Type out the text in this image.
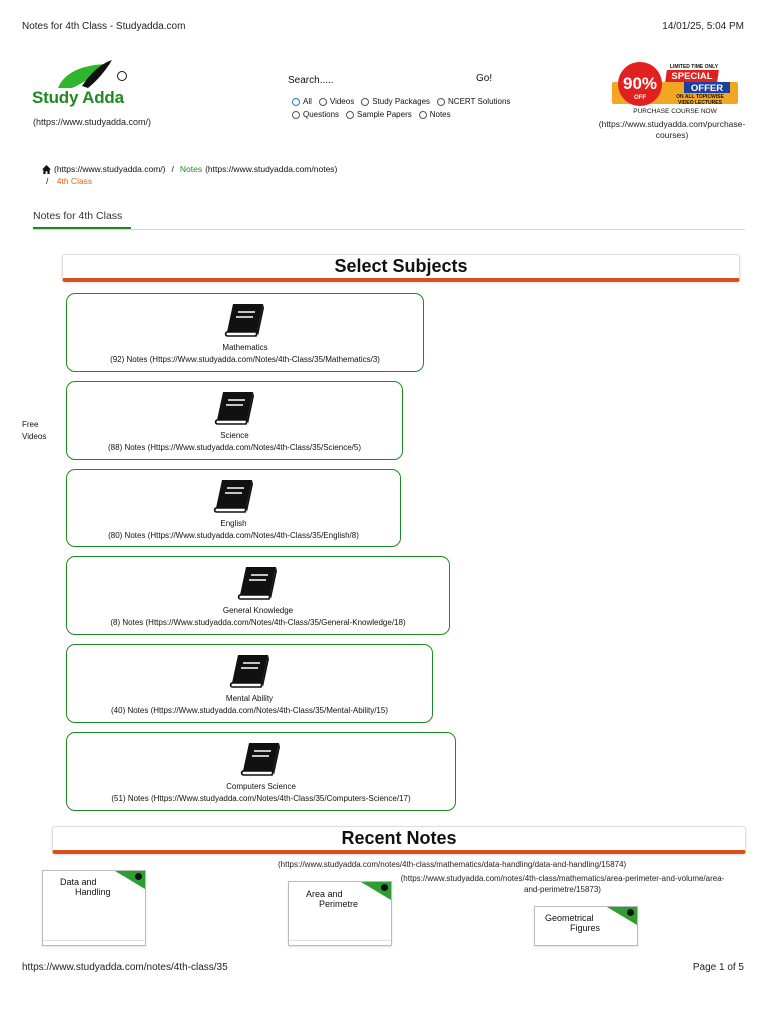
Notes for 4th Class - Studyadda.com	14/01/25, 5:04 PM
Study Adda
(https://www.studyadda.com/)
Search.....	Go!
All Videos Study Packages NCERT Solutions
Questions Sample Papers Notes
90%
OFF
LIMITED TIME ONLY
SPECIAL
OFFER
ON ALL TOPICWISE
VIDEO LECTURES
PURCHASE COURSE NOW
(https://www.studyadda.com/purchase-courses)
(https://www.studyadda.com/) / Notes (https://www.studyadda.com/notes)
/ 4th Class
Notes for 4th Class
Select Subjects
Free
Videos
Mathematics
(92) Notes (Https://Www.studyadda.com/Notes/4th-Class/35/Mathematics/3)
Science
(88) Notes (Https://Www.studyadda.com/Notes/4th-Class/35/Science/5)
English
(80) Notes (Https://Www.studyadda.com/Notes/4th-Class/35/English/8)
General Knowledge
(8) Notes (Https://Www.studyadda.com/Notes/4th-Class/35/General-Knowledge/18)
Mental Ability
(40) Notes (Https://Www.studyadda.com/Notes/4th-Class/35/Mental-Ability/15)
Computers Science
(51) Notes (Https://Www.studyadda.com/Notes/4th-Class/35/Computers-Science/17)
Recent Notes
(https://www.studyadda.com/notes/4th-class/mathematics/data-handling/data-and-handling/15874)
(https://www.studyadda.com/notes/4th-class/mathematics/area-perimeter-and-volume/area-and-perimetre/15873)
Data and
Handling	Area and
Perimetre
Geometrical
Figures
https://www.studyadda.com/notes/4th-class/35	Page 1 of 5
